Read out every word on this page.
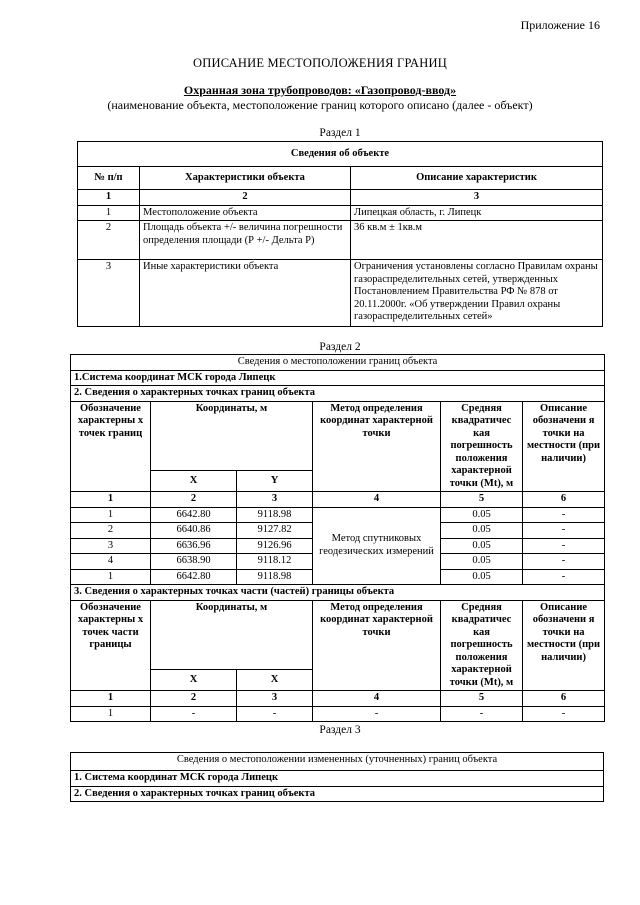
Приложение 16
ОПИСАНИЕ МЕСТОПОЛОЖЕНИЯ ГРАНИЦ
Охранная зона трубопроводов: «Газопровод-ввод»
(наименование объекта, местоположение границ которого описано (далее - объект)
Раздел 1
Сведения об объекте		
№ п/п	Характеристики объекта	Описание характеристик
1	2	3
1	Местоположение объекта	Липецкая область, г. Липецк
2	Площадь объекта +/- величина погрешности определения площади (Р +/- Дельта Р)	36 кв.м ± 1кв.м
3	Иные характеристики объекта	Ограничения установлены согласно Правилам охраны газораспределительных сетей, утвержденных Постановлением Правительства РФ № 878 от 20.11.2000г. «Об утверждении Правил охраны газораспределительных сетей»
Раздел 2
Сведения о местоположении границ объекта					
1.Система координат МСК города Липецк					
2. Сведения о характерных точках границ объекта					
Обозначение характерны х точек границ	Координаты, м		Метод определения координат характерной точки	Средняя квадратичес кая погрешность положения характерной точки (Mt), м	Описание обозначени я точки на местности (при наличии)
	X	Y			
1	2	3	4	5	6
1	6642.80	9118.98	Метод спутниковых геодезических измерений	0.05	-
2	6640.86	9127.82		0.05	-
3	6636.96	9126.96		0.05	-
4	6638.90	9118.12		0.05	-
1	6642.80	9118.98		0.05	-
3. Сведения о характерных точках части (частей) границы объекта					
Обозначение характерны х точек части границы	Координаты, м		Метод определения координат характерной точки	Средняя квадратичес кая погрешность положения характерной точки (Mt), м	Описание обозначени я точки на местности (при наличии)
	X	X			
1	2	3	4	5	6
1	-	-	-	-	-
Раздел 3
Сведения о местоположении измененных (уточненных) границ объекта
1. Система координат МСК города Липецк
2. Сведения о характерных точках границ объекта
